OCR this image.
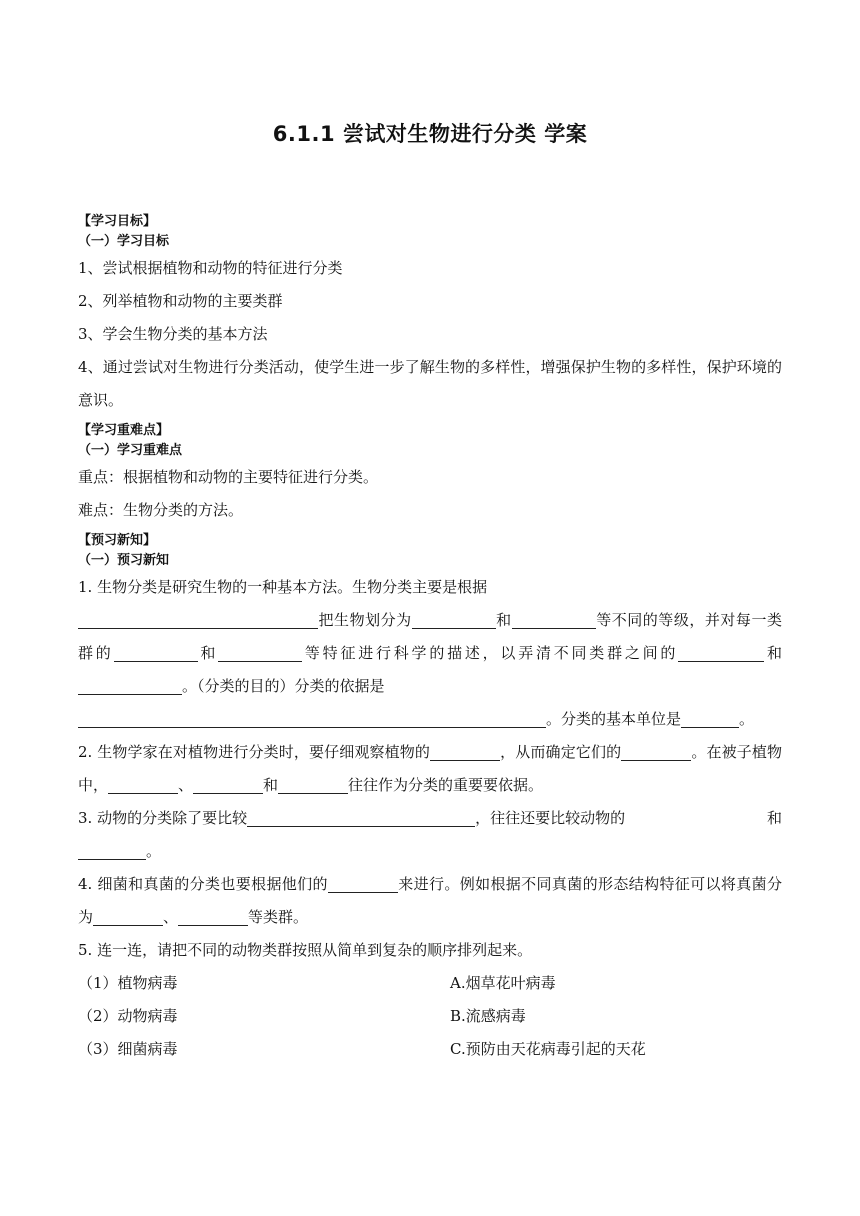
6.1.1 尝试对生物进行分类 学案
【学习目标】
（一）学习目标
1、尝试根据植物和动物的特征进行分类
2、列举植物和动物的主要类群
3、学会生物分类的基本方法
4、通过尝试对生物进行分类活动，使学生进一步了解生物的多样性，增强保护生物的多样性，保护环境的意识。
【学习重难点】
（一）学习重难点
重点：根据植物和动物的主要特征进行分类。
难点：生物分类的方法。
【预习新知】
（一）预习新知
1. 生物分类是研究生物的一种基本方法。生物分类主要是根据
把生物划分为	和	等不同的等级，并对每一类群的	和	等特征进行科学的描述，以弄清不同类群之间的	和。（分类的目的）分类的依据是
。分类的基本单位是	。
2. 生物学家在对植物进行分类时，要仔细观察植物的	，从而确定它们的	。在被子植物中，	、	和	往往作为分类的重要要依据。
3. 动物的分类除了要比较	，往往还要比较动物的	和

。
4. 细菌和真菌的分类也要根据他们的	来进行。例如根据不同真菌的形态结构特征可以将真菌分为	、	等类群。
5. 连一连，请把不同的动物类群按照从简单到复杂的顺序排列起来。
（1）植物病毒	A.烟草花叶病毒
（2）动物病毒	B.流感病毒
（3）细菌病毒	C.预防由天花病毒引起的天花
